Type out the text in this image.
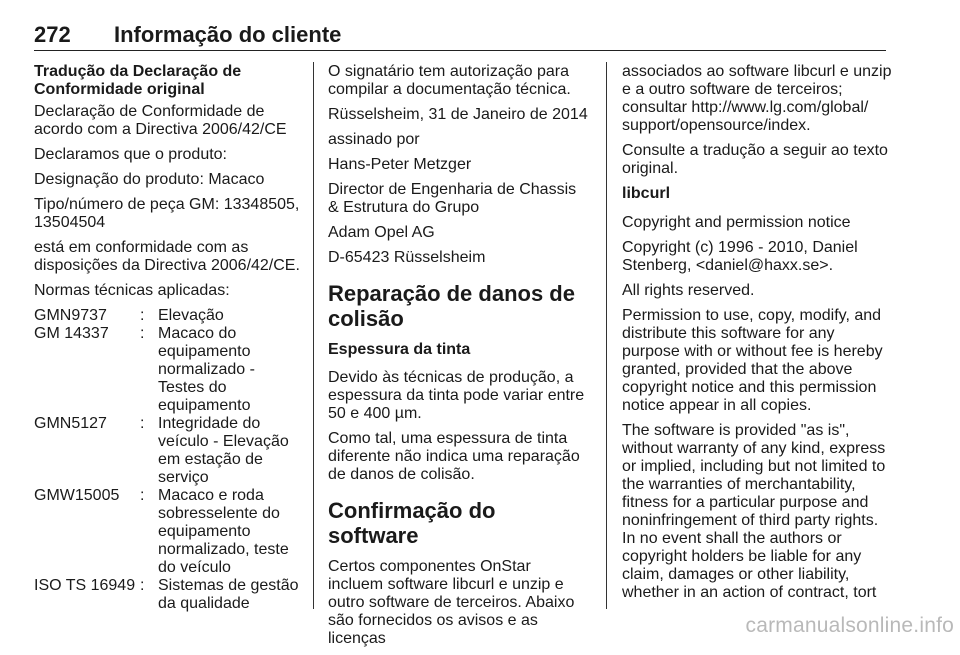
272 Informação do cliente

Tradução da Declaração de Conformidade original

Declaração de Conformidade de acordo com a Directiva 2006/42/CE

Declaramos que o produto:

Designação do produto: Macaco

Tipo/número de peça GM: 13348505, 13504504

está em conformidade com as disposições da Directiva 2006/42/CE.

Normas técnicas aplicadas:

GMN9737	: Elevação
GM 14337	: Macaco do equipamento normalizado - Testes do equipamento
GMN5127	: Integridade do veículo - Elevação em estação de serviço
GMW15005	: Macaco e roda sobresselente do equipamento normalizado, teste do veículo
ISO TS 16949 : Sistemas de gestão da qualidade

O signatário tem autorização para compilar a documentação técnica.

Rüsselsheim, 31 de Janeiro de 2014

assinado por

Hans-Peter Metzger

Director de Engenharia de Chassis & Estrutura do Grupo

Adam Opel AG

D-65423 Rüsselsheim

Reparação de danos de colisão
Espessura da tinta

Devido às técnicas de produção, a espessura da tinta pode variar entre 50 e 400 µm.

Como tal, uma espessura de tinta diferente não indica uma reparação de danos de colisão.

Confirmação do software

Certos componentes OnStar incluem software libcurl e unzip e outro software de terceiros. Abaixo são fornecidos os avisos e as licenças

associados ao software libcurl e unzip e a outro software de terceiros; consultar http://www.lg.com/global/ support/opensource/index.

Consulte a tradução a seguir ao texto original.

libcurl

Copyright and permission notice

Copyright (c) 1996 - 2010, Daniel Stenberg, <daniel@haxx.se>.

All rights reserved.

Permission to use, copy, modify, and distribute this software for any purpose with or without fee is hereby granted, provided that the above copyright notice and this permission notice appear in all copies.

The software is provided "as is", without warranty of any kind, express or implied, including but not limited to the warranties of merchantability, fitness for a particular purpose and noninfringement of third party rights. In no event shall the authors or copyright holders be liable for any claim, damages or other liability, whether in an action of contract, tort

carmanualsonline.info
